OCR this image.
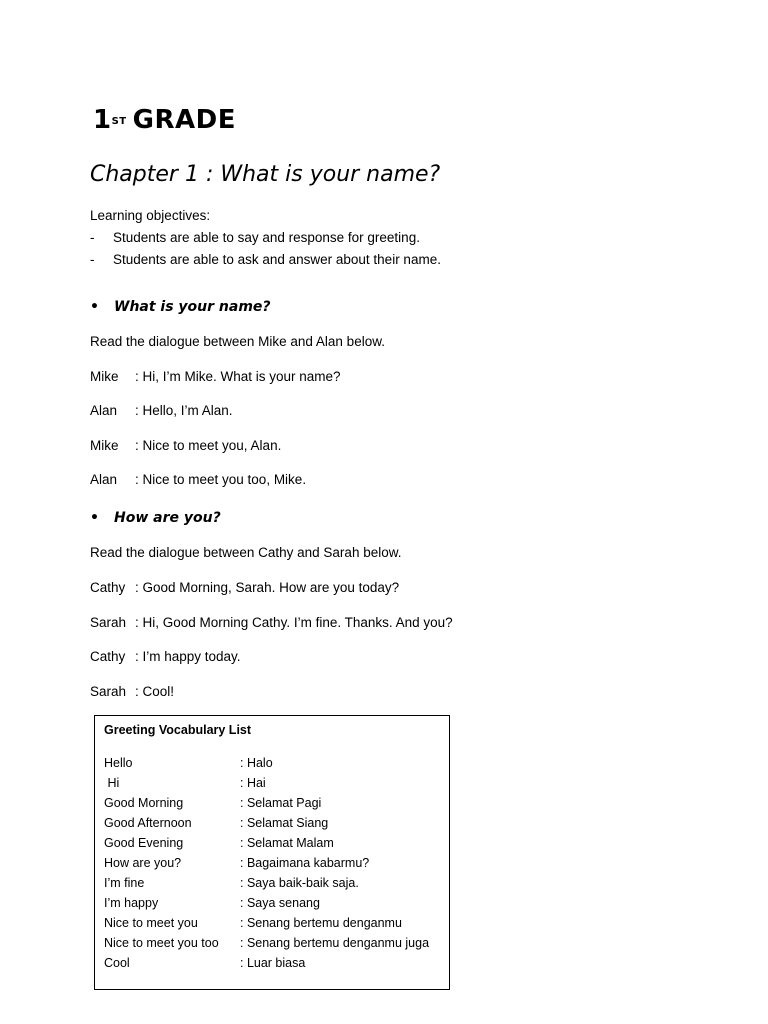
1ST GRADE
Chapter 1 : What is your name?
Learning objectives:
- Students are able to say and response for greeting.
- Students are able to ask and answer about their name.
• What is your name?
Read the dialogue between Mike and Alan below.
Mike : Hi, I’m Mike. What is your name?
Alan : Hello, I’m Alan.
Mike : Nice to meet you, Alan.
Alan : Nice to meet you too, Mike.
• How are you?
Read the dialogue between Cathy and Sarah below.
Cathy : Good Morning, Sarah. How are you today?
Sarah : Hi, Good Morning Cathy. I’m fine. Thanks. And you?
Cathy : I’m happy today.
Sarah : Cool!
Greeting Vocabulary List
Hello	: Halo
Hi	: Hai
Good Morning	: Selamat Pagi
Good Afternoon	: Selamat Siang
Good Evening	: Selamat Malam
How are you?	: Bagaimana kabarmu?
I’m fine	: Saya baik-baik saja.
I’m happy	: Saya senang
Nice to meet you	: Senang bertemu denganmu
Nice to meet you too	: Senang bertemu denganmu juga
Cool	: Luar biasa
